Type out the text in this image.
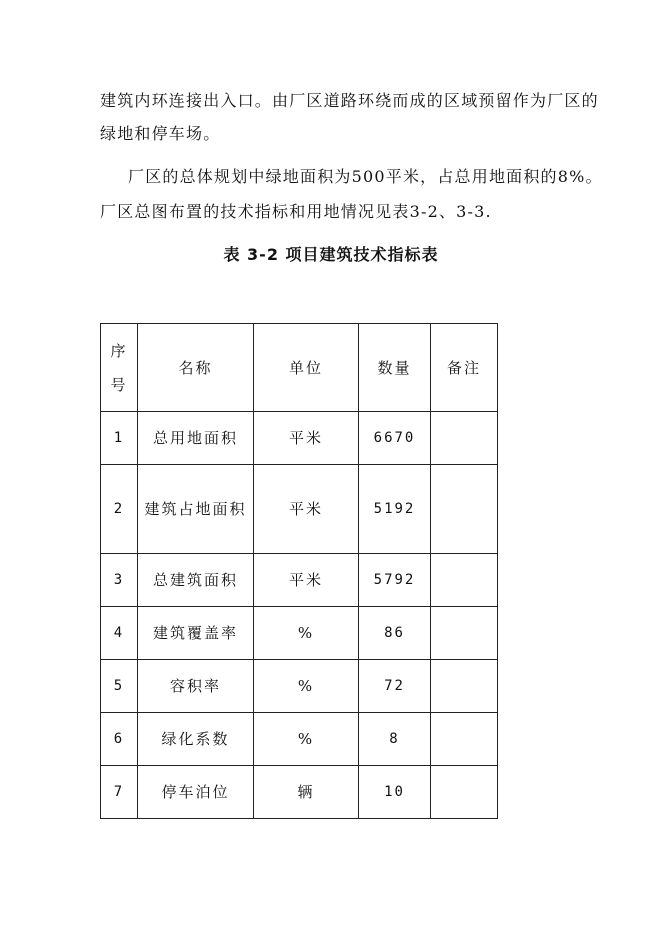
建筑内环连接出入口。由厂区道路环绕而成的区域预留作为厂区的绿地和停车场。

厂区的总体规划中绿地面积为500平米，占总用地面积的8%。厂区总图布置的技术指标和用地情况见表3-2、3-3.

表 3-2 项目建筑技术指标表
序号	名称	单位	数量	备注
1	总用地面积	平米	6670	
2	建筑占地面积	平米	5192	
3	总建筑面积	平米	5792	
4	建筑覆盖率	%	86	
5	容积率	%	72	
6	绿化系数	%	8	
7	停车泊位	辆	10	
